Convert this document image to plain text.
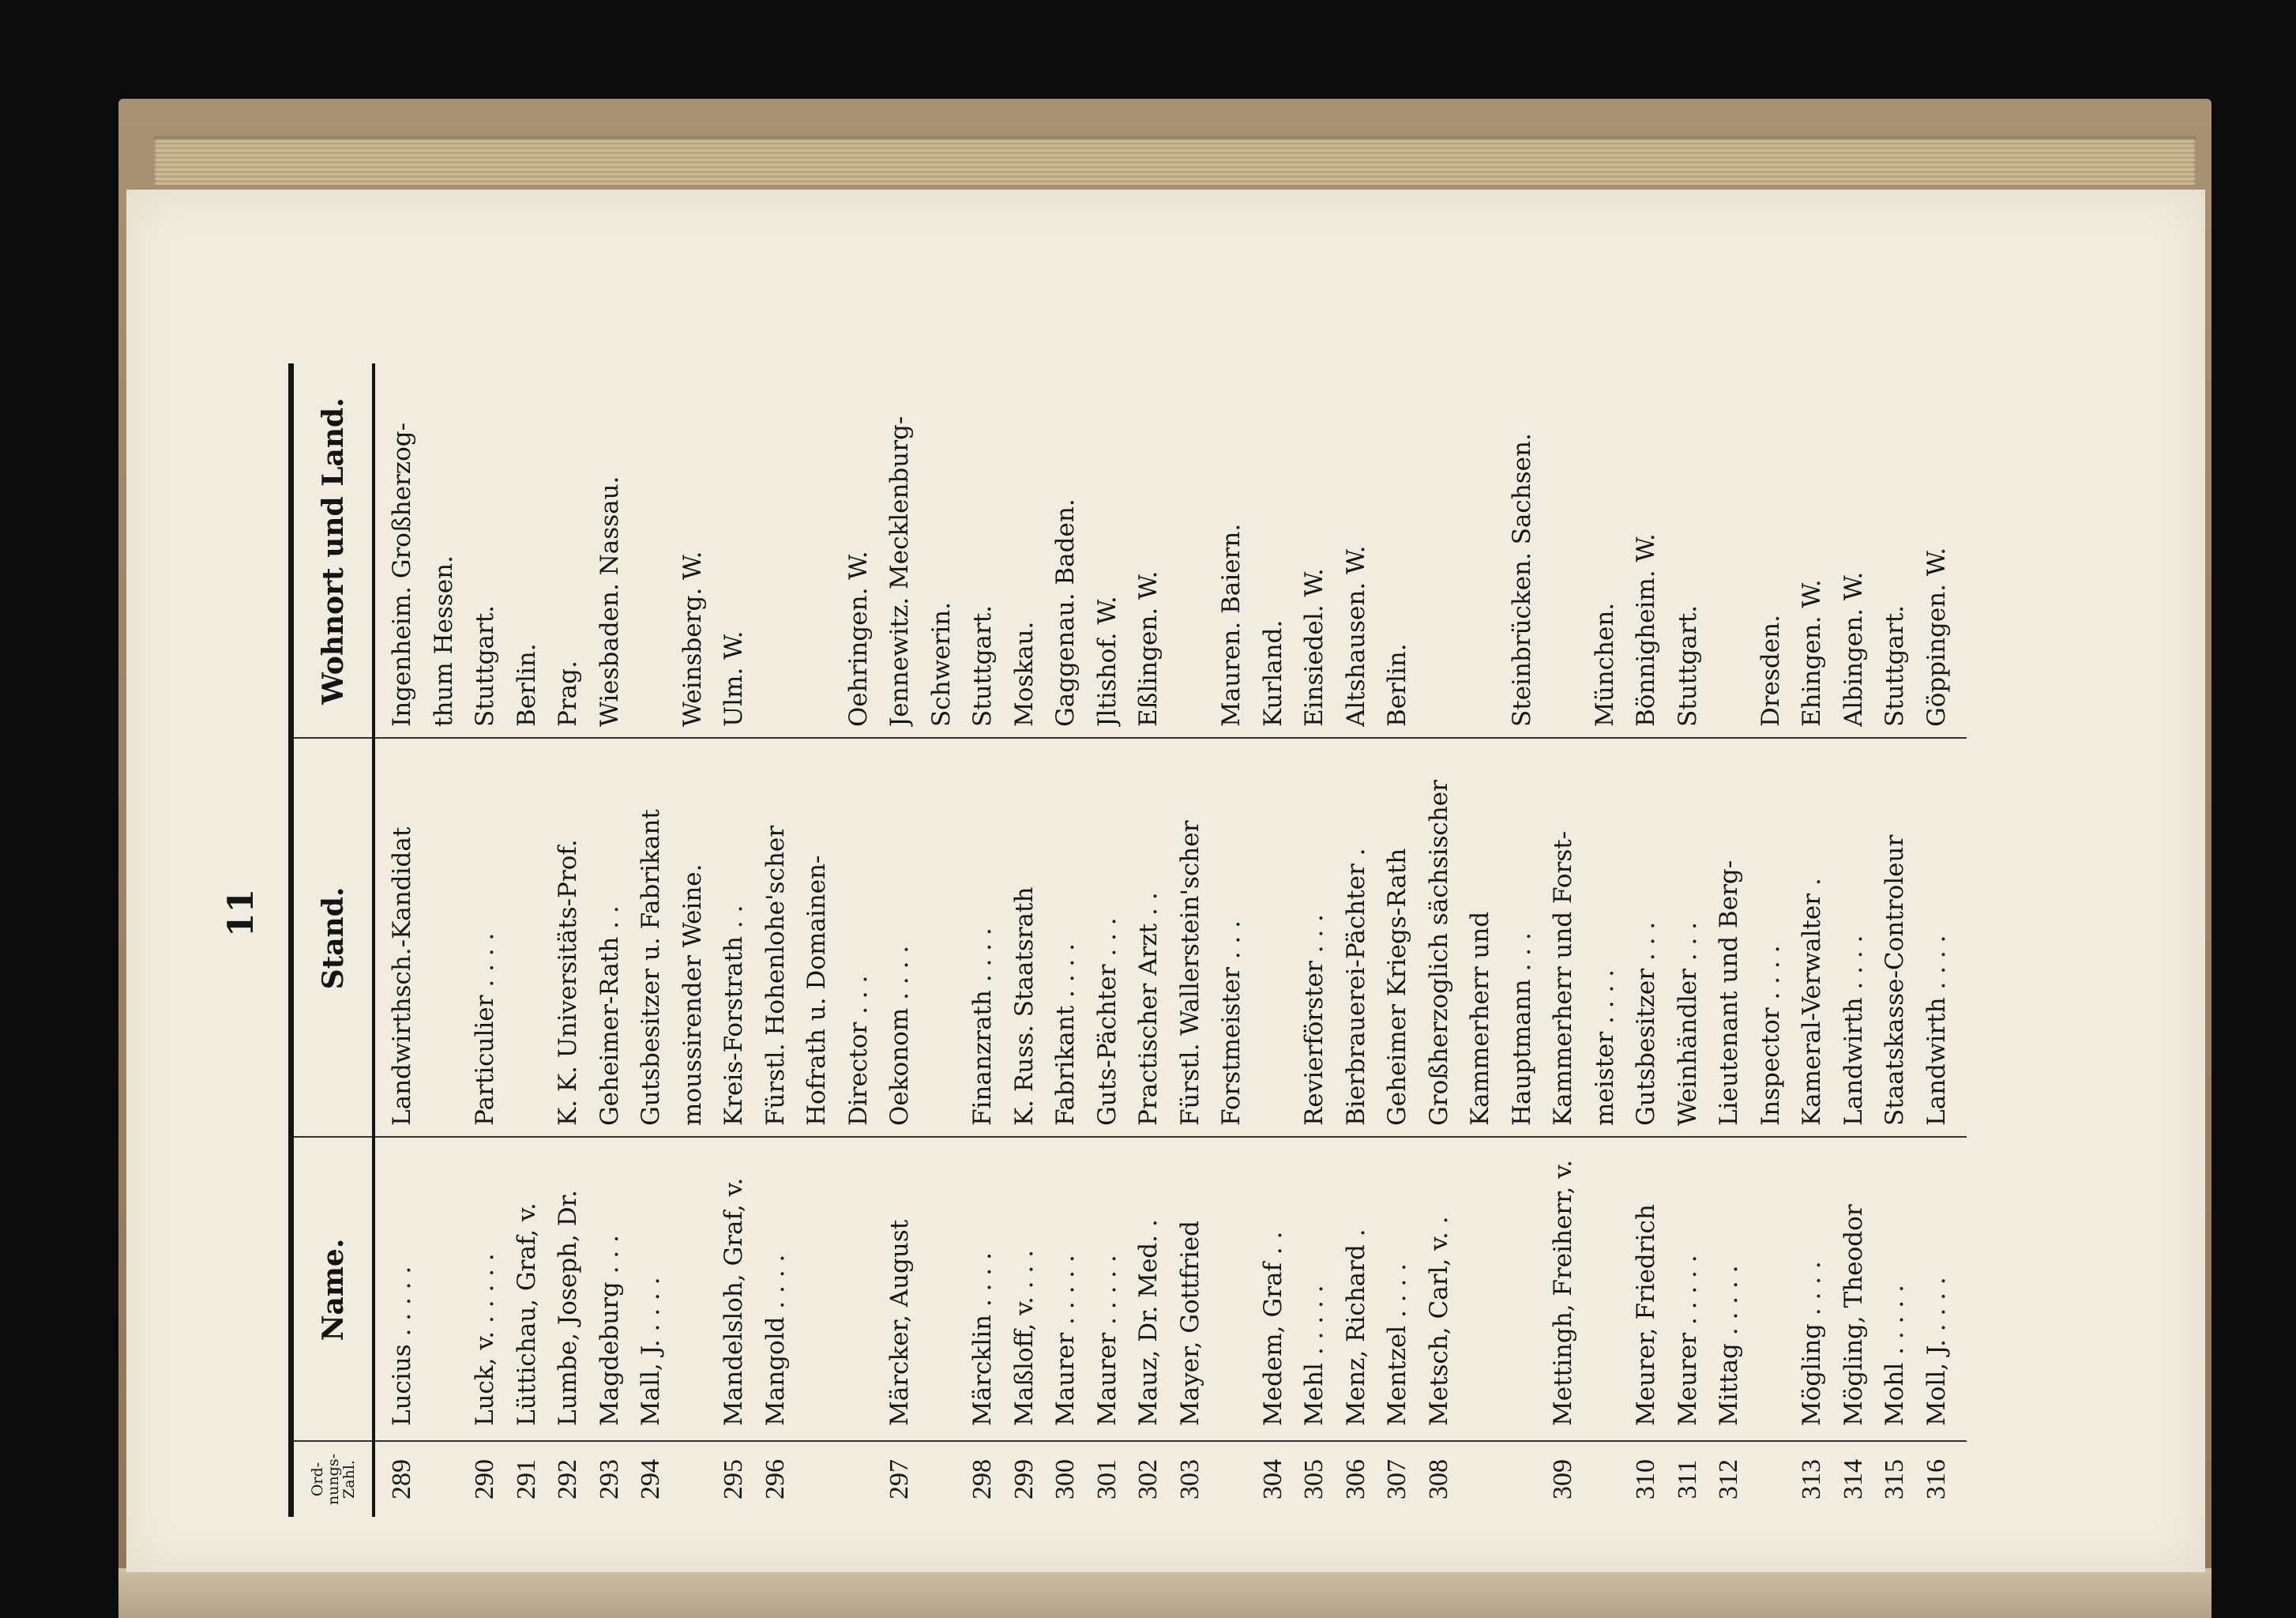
11
Ord-
nungs-
Zahl.
Name.
Stand.
Wohnort und Land.
289
Lucius . . . . .
Landwirthsch.-Kandidat
Ingenheim. Großherzog- thum Hessen.
290
Luck, v. . . . . .
Particulier . . . .
Stuttgart.
291
Lüttichau, Graf, v.
Berlin.
292
Lumbe, Joseph, Dr.
K. K. Universitäts-Prof.
Prag.
293
Magdeburg . . .
Geheimer-Rath . .
Wiesbaden. Nassau.
294
Mall, J. . . . .
Gutsbesitzer u. Fabrikant moussirender Weine.
Weinsberg. W.
295
Mandelsloh, Graf, v.
Kreis-Forstrath . .
Ulm. W.
296
Mangold . . . .
Fürstl. Hohenlohe'scher Hofrath u. Domainen- Director . . .
Oehringen. W.
297
Märcker, August
Oekonom . . . .
Jennewitz. Mecklenburg- Schwerin.
298
Märcklin . . . .
Finanzrath . . . .
Stuttgart.
299
Maßloff, v. . . .
K. Russ. Staatsrath
Moskau.
300
Maurer . . . . .
Fabrikant . . . .
Gaggenau. Baden.
301
Maurer . . . . .
Guts-Pächter . . .
Jltishof. W.
302
Mauz, Dr. Med. .
Practischer Arzt . .
Eßlingen. W.
303
Mayer, Gottfried
Fürstl. Wallerstein'scher Forstmeister . . .
Mauren. Baiern.
304
Medem, Graf . .
Kurland.
305
Mehl . . . . .
Revierförster . . .
Einsiedel. W.
306
Menz, Richard .
Bierbrauerei-Pächter .
Altshausen. W.
307
Mentzel . . . .
Geheimer Kriegs-Rath
Berlin.
308
Metsch, Carl, v. .
Großherzoglich sächsischer Kammerherr und Hauptmann . . .
Steinbrücken. Sachsen.
309
Mettingh, Freiherr, v.
Kammerherr und Forst- meister . . . .
München.
310
Meurer, Friedrich
Gutsbesitzer . . .
Bönnigheim. W.
311
Meurer . . . . .
Weinhändler . . .
Stuttgart.
312
Mittag . . . . .
Lieutenant und Berg- Inspector . . . .
Dresden.
313
Mögling . . . .
Kameral-Verwalter .
Ehingen. W.
314
Mögling, Theodor
Landwirth . . . .
Albingen. W.
315
Mohl . . . . .
Staatskasse-Controleur
Stuttgart.
316
Moll, J. . . . .
Landwirth . . . .
Göppingen. W.
